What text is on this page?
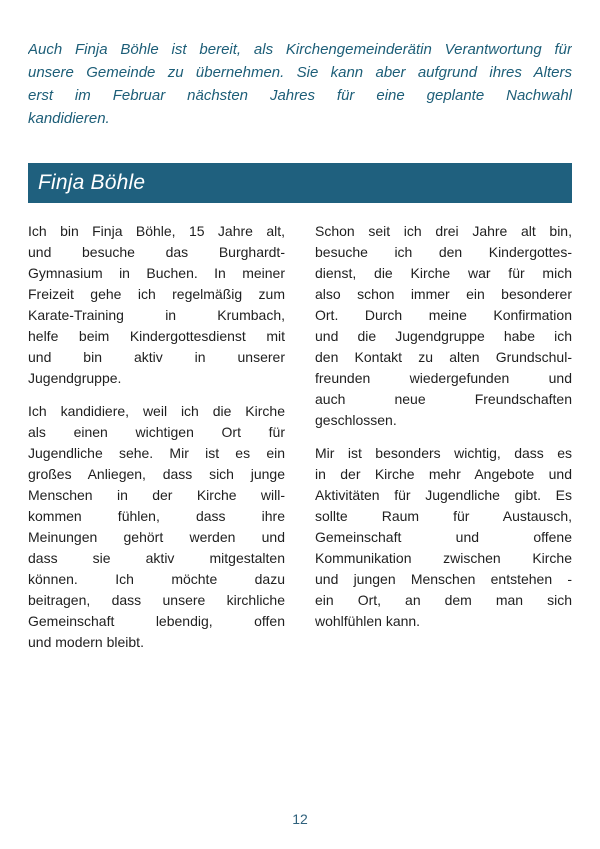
Auch Finja Böhle ist bereit, als Kirchengemeinderätin Verantwortung für
unsere Gemeinde zu übernehmen. Sie kann aber aufgrund ihres Alters
erst im Februar nächsten Jahres für eine geplante Nachwahl
kandidieren.
Finja Böhle
Ich bin Finja Böhle, 15 Jahre alt,
und besuche das Burghardt-
Gymnasium in Buchen. In meiner
Freizeit gehe ich regelmäßig zum
Karate-Training in Krumbach,
helfe beim Kindergottesdienst mit
und bin aktiv in unserer
Jugendgruppe.
Ich kandidiere, weil ich die Kirche
als einen wichtigen Ort für
Jugendliche sehe. Mir ist es ein
großes Anliegen, dass sich junge
Menschen in der Kirche will-
kommen fühlen, dass ihre
Meinungen gehört werden und
dass sie aktiv mitgestalten
können. Ich möchte dazu
beitragen, dass unsere kirchliche
Gemeinschaft lebendig, offen
und modern bleibt.
Schon seit ich drei Jahre alt bin,
besuche ich den Kindergottes-
dienst, die Kirche war für mich
also schon immer ein besonderer
Ort. Durch meine Konfirmation
und die Jugendgruppe habe ich
den Kontakt zu alten Grundschul-
freunden wiedergefunden und
auch neue Freundschaften
geschlossen.
Mir ist besonders wichtig, dass es
in der Kirche mehr Angebote und
Aktivitäten für Jugendliche gibt. Es
sollte Raum für Austausch,
Gemeinschaft und offene
Kommunikation zwischen Kirche
und jungen Menschen entstehen -
ein Ort, an dem man sich
wohlfühlen kann.
12
